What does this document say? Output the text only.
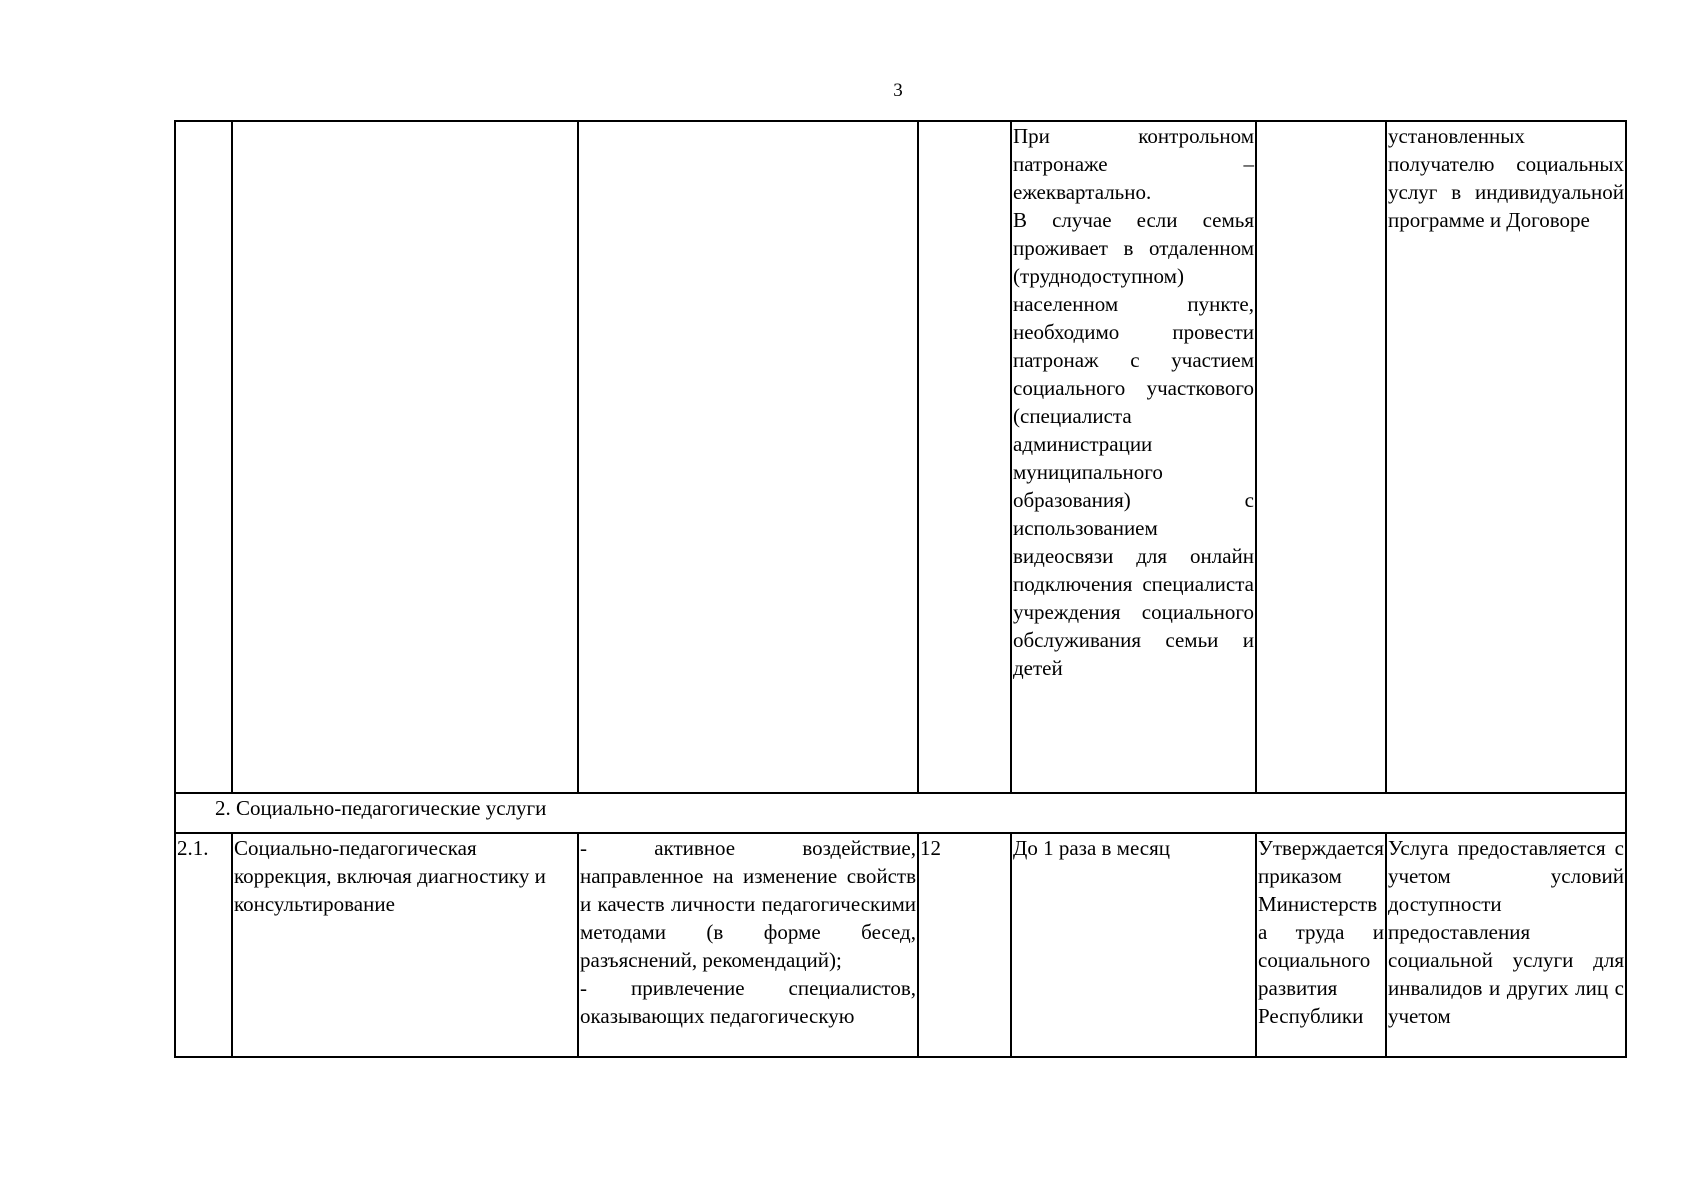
3

				При контрольном патронаже – ежеквартально.
В случае если семья проживает в отдаленном (труднодоступном) населенном пункте, необходимо провести патронаж с участием социального участкового (специалиста администрации муниципального образования) с использованием видеосвязи для онлайн подключения специалиста учреждения социального обслуживания семьи и детей		установленных получателю социальных услуг в индивидуальной программе и Договоре

2. Социально-педагогические услуги						

2.1.	Социально-педагогическая коррекция, включая диагностику и консультирование	- активное воздействие, направленное на изменение свойств и качеств личности педагогическими методами (в форме бесед, разъяснений, рекомендаций);
- привлечение специалистов, оказывающих педагогическую	12	До 1 раза в месяц	Утверждается приказом Министерства труда и социального развития Республики	Услуга предоставляется с учетом условий доступности предоставления социальной услуги для инвалидов и других лиц с учетом
